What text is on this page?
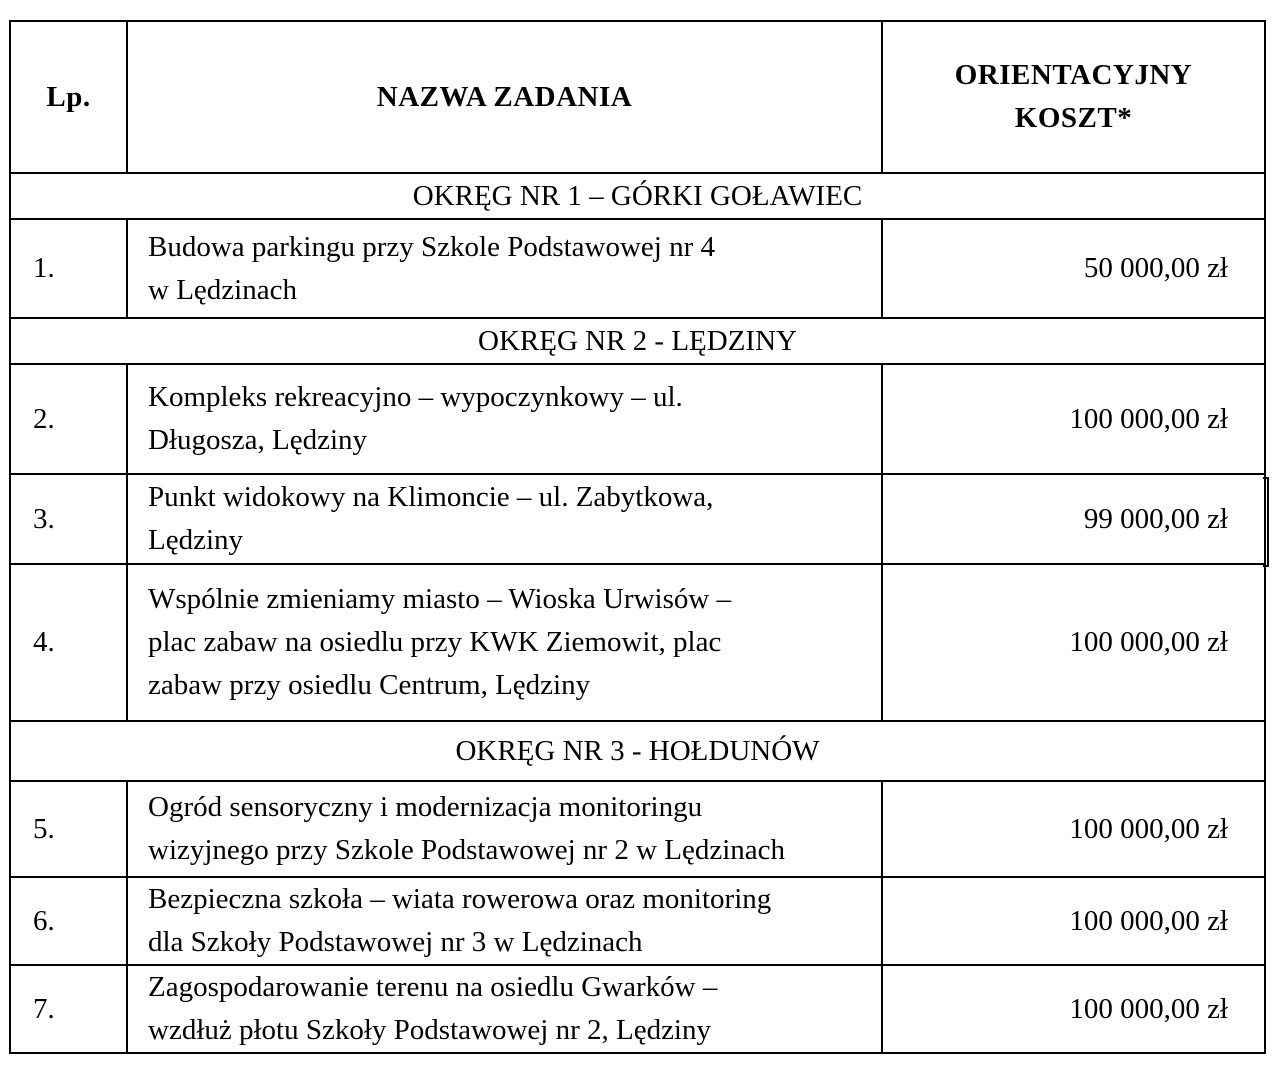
Lp.	NAZWA ZADANIA	ORIENTACYJNY
KOSZT*

OKRĘG NR 1 – GÓRKI GOŁAWIEC		
1.	Budowa parkingu przy Szkole Podstawowej nr 4
w Lędzinach	50 000,00 zł
OKRĘG NR 2 - LĘDZINY		
2.	Kompleks rekreacyjno – wypoczynkowy – ul.
Długosza, Lędziny	100 000,00 zł
3.	Punkt widokowy na Klimoncie – ul. Zabytkowa,
Lędziny	99 000,00 zł
4.	Wspólnie zmieniamy miasto – Wioska Urwisów –
plac zabaw na osiedlu przy KWK Ziemowit, plac
zabaw przy osiedlu Centrum, Lędziny	100 000,00 zł
OKRĘG NR 3 - HOŁDUNÓW		
5.	Ogród sensoryczny i modernizacja monitoringu
wizyjnego przy Szkole Podstawowej nr 2 w Lędzinach	100 000,00 zł
6.	Bezpieczna szkoła – wiata rowerowa oraz monitoring
dla Szkoły Podstawowej nr 3 w Lędzinach	100 000,00 zł
7.	Zagospodarowanie terenu na osiedlu Gwarków –
wzdłuż płotu Szkoły Podstawowej nr 2, Lędziny	100 000,00 zł
